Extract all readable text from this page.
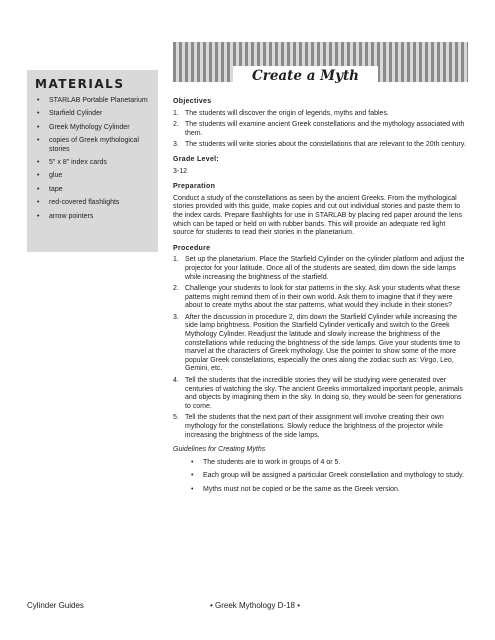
Create a Myth
MATERIALS
• STARLAB Portable Planetarium
• Starfield Cylinder
• Greek Mythology Cylinder
• copies of Greek mythological stories
• 5" x 8" index cards
• glue
• tape
• red-covered flashlights
• arrow pointers
Objectives
1. The students will discover the origin of legends, myths and fables.
2. The students will examine ancient Greek constellations and the mythology associated with them.
3. The students will write stories about the constellations that are relevant to the 20th century.
Grade Level:
3-12
Preparation
Conduct a study of the constellations as seen by the ancient Greeks. From the mythological stories provided with this guide, make copies and cut out individual stories and paste them to the index cards. Prepare flashlights for use in STARLAB by placing red paper around the lens which can be taped or held on with rubber bands. This will provide an adequate red light source for students to read their stories in the planetarium.
Procedure
1. Set up the planetarium. Place the Starfield Cylinder on the cylinder platform and adjust the projector for your latitude. Once all of the students are seated, dim down the side lamps while increasing the brightness of the starfield.
2. Challenge your students to look for star patterns in the sky. Ask your students what these patterns might remind them of in their own world. Ask them to imagine that if they were about to create myths about the star patterns, what would they include in their stories?
3. After the discussion in procedure 2, dim down the Starfield Cylinder while increasing the side lamp brightness. Position the Starfield Cylinder vertically and switch to the Greek Mythology Cylinder. Readjust the latitude and slowly increase the brightness of the constellations while reducing the brightness of the side lamps. Give your students time to marvel at the characters of Greek mythology. Use the pointer to show some of the more popular Greek constellations, especially the ones along the zodiac such as: Virgo, Leo, Gemini, etc.
4. Tell the students that the incredible stories they will be studying were generated over centuries of watching the sky. The ancient Greeks immortalized important people, animals and objects by imagining them in the sky. In doing so, they would be seen for generations to come.
5. Tell the students that the next part of their assignment will involve creating their own mythology for the constellations. Slowly reduce the brightness of the projector while increasing the brightness of the side lamps.
Guidelines for Creating Myths
• The students are to work in groups of 4 or 5.
• Each group will be assigned a particular Greek constellation and mythology to study.
• Myths must not be copied or be the same as the Greek version.
Cylinder Guides	• Greek Mythology D-18 •
